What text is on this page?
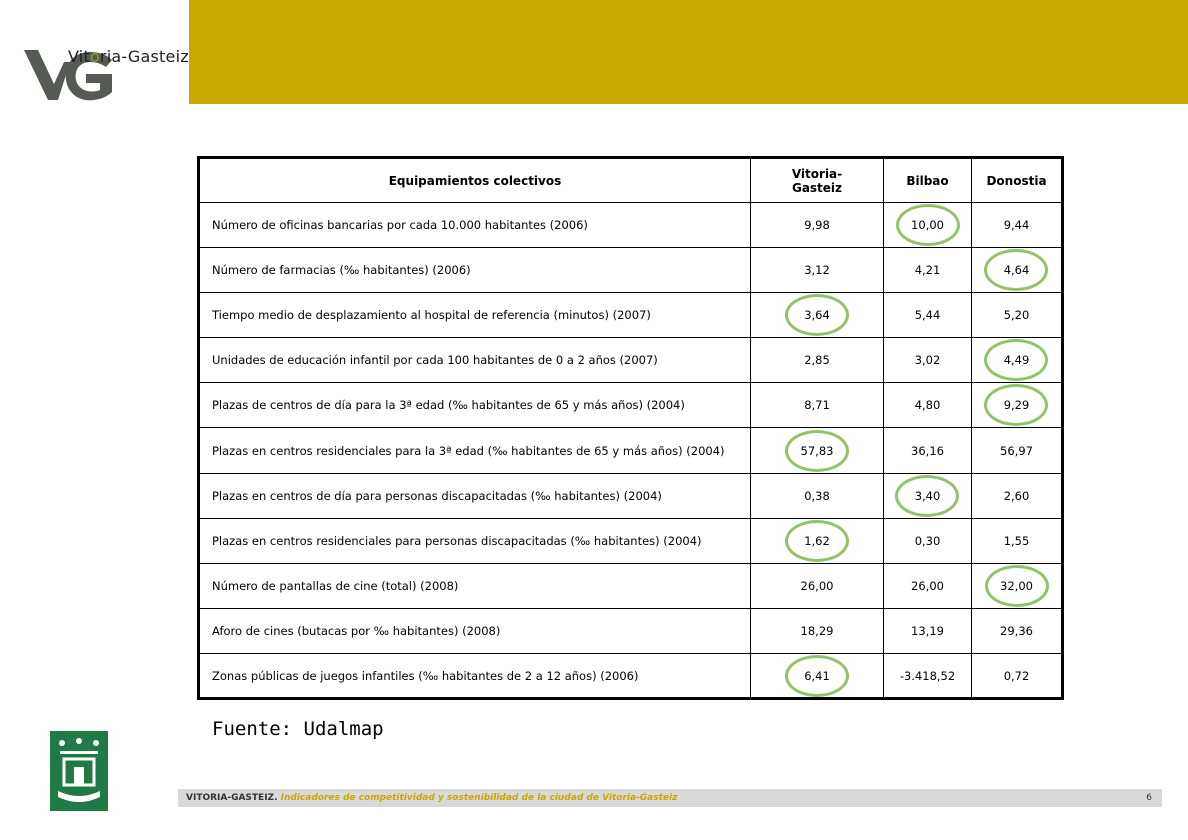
Vitoria-Gasteiz
Equipamientos colectivos	Vitoria-Gasteiz	Bilbao	Donostia
Número de oficinas bancarias por cada 10.000 habitantes (2006)	9,98	10,00	9,44
Número de farmacias (‰ habitantes) (2006)	3,12	4,21	4,64
Tiempo medio de desplazamiento al hospital de referencia (minutos) (2007)	3,64	5,44	5,20
Unidades de educación infantil por cada 100 habitantes de 0 a 2 años (2007)	2,85	3,02	4,49
Plazas de centros de día para la 3ª edad (‰ habitantes de 65 y más años) (2004)	8,71	4,80	9,29
Plazas en centros residenciales para la 3ª edad (‰ habitantes de 65 y más años) (2004)	57,83	36,16	56,97
Plazas en centros de día para personas discapacitadas (‰ habitantes) (2004)	0,38	3,40	2,60
Plazas en centros residenciales para personas discapacitadas (‰ habitantes) (2004)	1,62	0,30	1,55
Número de pantallas de cine (total) (2008)	26,00	26,00	32,00
Aforo de cines (butacas por ‰ habitantes) (2008)	18,29	13,19	29,36
Zonas públicas de juegos infantiles (‰ habitantes de 2 a 12 años) (2006)	6,41	-3.418,52	0,72
Fuente: Udalmap
VITORIA-GASTEIZ. Indicadores de competitividad y sostenibilidad de la ciudad de Vitoria-Gasteiz	6
